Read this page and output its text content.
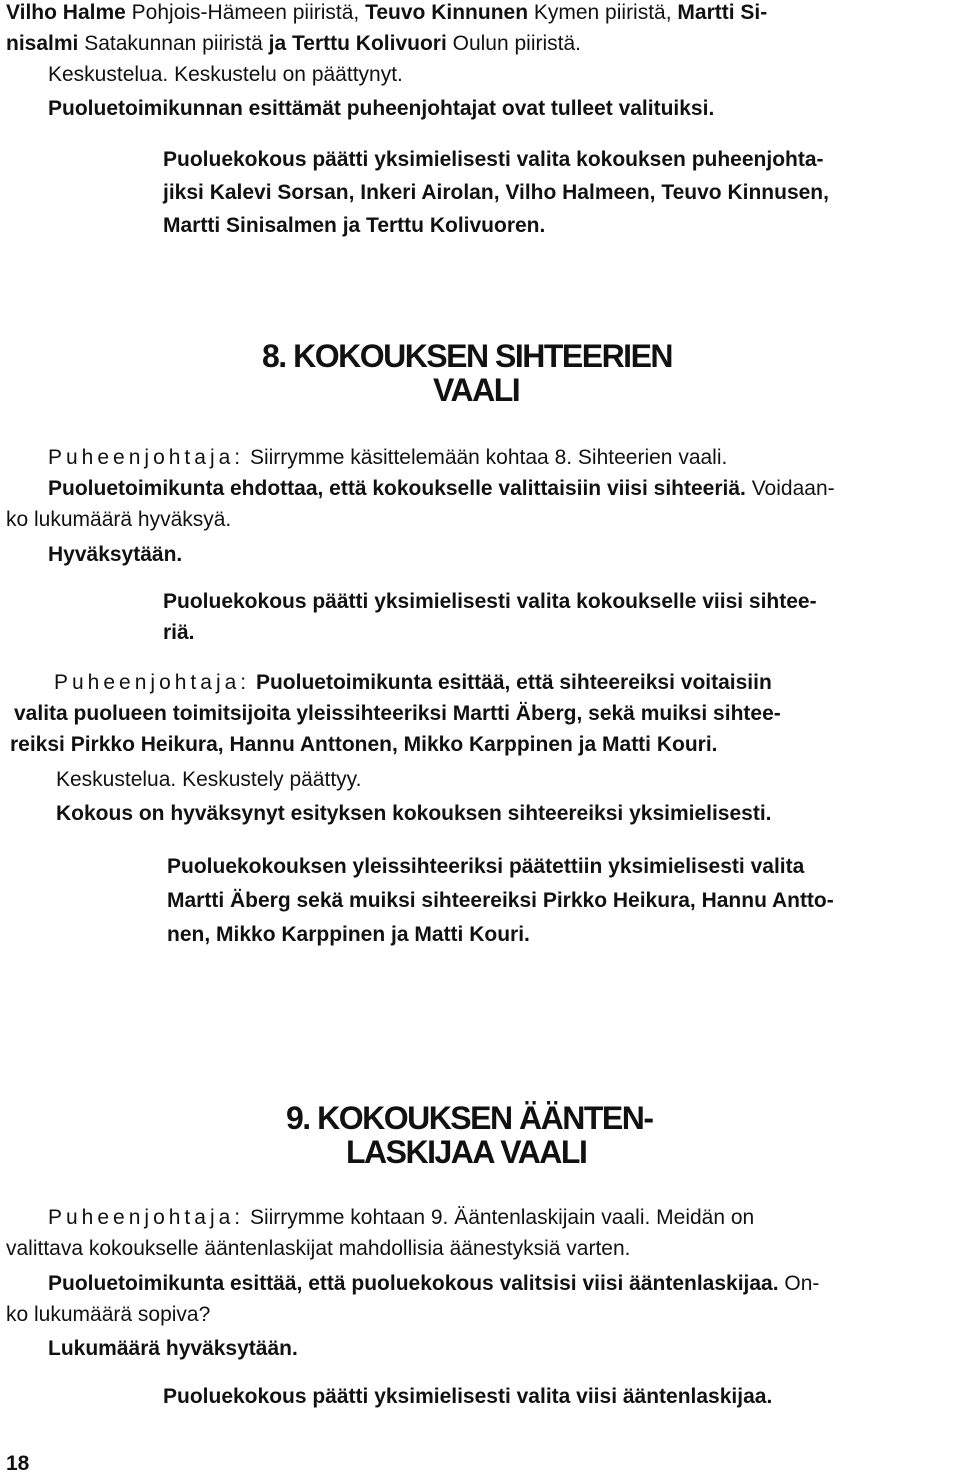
Vilho Halme Pohjois-Hämeen piiristä, Teuvo Kinnunen Kymen piiristä, Martti Si-
nisalmi Satakunnan piiristä ja Terttu Kolivuori Oulun piiristä.
Keskustelua. Keskustelu on päättynyt.
Puoluetoimikunnan esittämät puheenjohtajat ovat tulleet valituiksi.
Puoluekokous päätti yksimielisesti valita kokouksen puheenjohta-
jiksi Kalevi Sorsan, Inkeri Airolan, Vilho Halmeen, Teuvo Kinnusen,
Martti Sinisalmen ja Terttu Kolivuoren.
8. KOKOUKSEN SIHTEERIEN
VAALI
Puheenjohtaja: Siirrymme käsittelemään kohtaa 8. Sihteerien vaali.
Puoluetoimikunta ehdottaa, että kokoukselle valittaisiin viisi sihteeriä. Voidaan-
ko lukumäärä hyväksyä.
Hyväksytään.
Puoluekokous päätti yksimielisesti valita kokoukselle viisi sihtee-
riä.
Puheenjohtaja: Puoluetoimikunta esittää, että sihteereiksi voitaisiin
valita puolueen toimitsijoita yleissihteeriksi Martti Äberg, sekä muiksi sihtee-
reiksi Pirkko Heikura, Hannu Anttonen, Mikko Karppinen ja Matti Kouri.
Keskustelua. Keskustely päättyy.
Kokous on hyväksynyt esityksen kokouksen sihteereiksi yksimielisesti.
Puoluekokouksen yleissihteeriksi päätettiin yksimielisesti valita
Martti Äberg sekä muiksi sihteereiksi Pirkko Heikura, Hannu Antto-
nen, Mikko Karppinen ja Matti Kouri.
9. KOKOUKSEN ÄÄNTEN-
LASKIJAA VAALI
Puheenjohtaja: Siirrymme kohtaan 9. Ääntenlaskijain vaali. Meidän on
valittava kokoukselle ääntenlaskijat mahdollisia äänestyksiä varten.
Puoluetoimikunta esittää, että puoluekokous valitsisi viisi ääntenlaskijaa. On-
ko lukumäärä sopiva?
Lukumäärä hyväksytään.
Puoluekokous päätti yksimielisesti valita viisi ääntenlaskijaa.
18
